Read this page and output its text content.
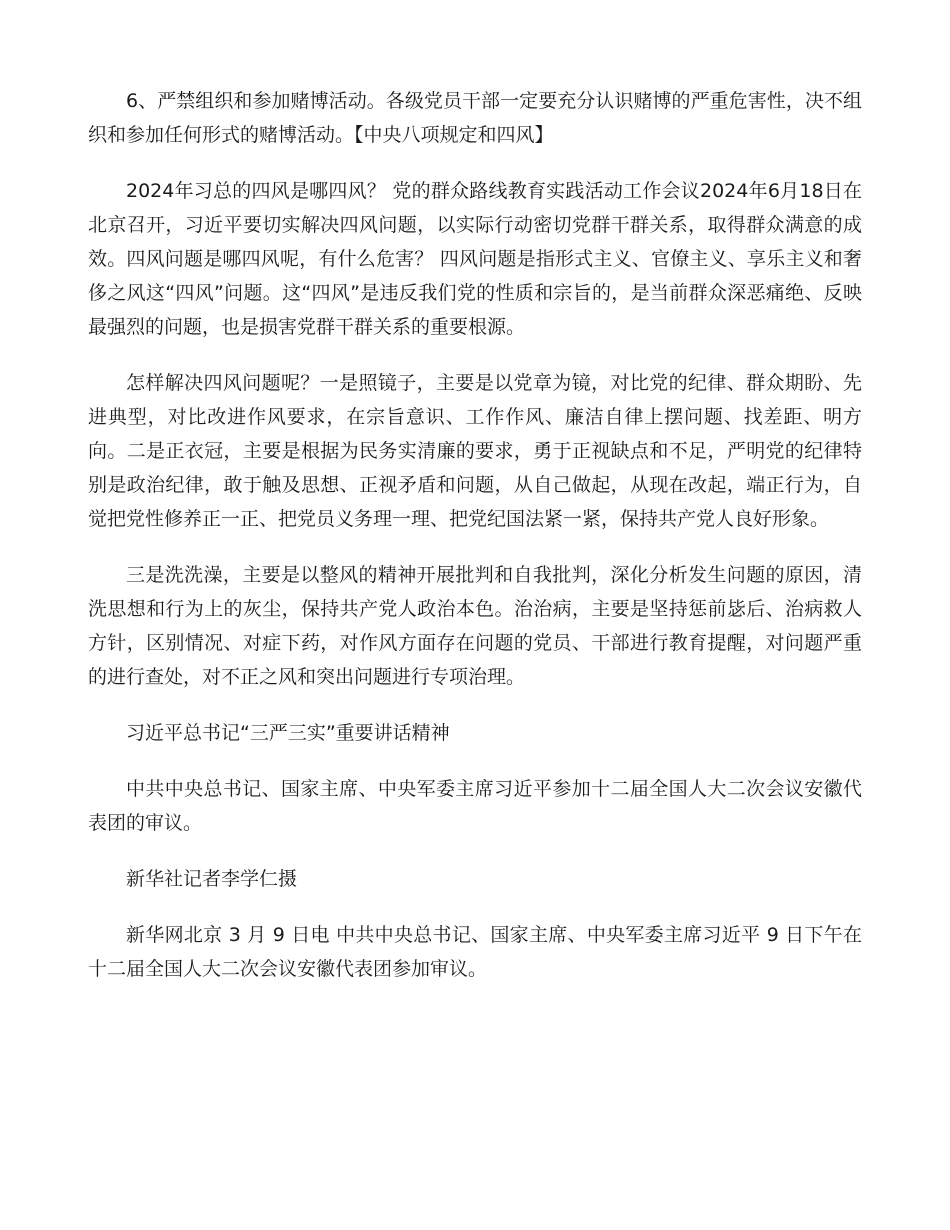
6、严禁组织和参加赌博活动。各级党员干部一定要充分认识赌博的严重危害性，决不组织和参加任何形式的赌博活动。【中央八项规定和四风】

2024年习总的四风是哪四风？ 党的群众路线教育实践活动工作会议2024年6月18日在北京召开，习近平要切实解决四风问题，以实际行动密切党群干群关系，取得群众满意的成效。四风问题是哪四风呢，有什么危害？ 四风问题是指形式主义、官僚主义、享乐主义和奢侈之风这“四风”问题。这“四风”是违反我们党的性质和宗旨的，是当前群众深恶痛绝、反映最强烈的问题，也是损害党群干群关系的重要根源。

怎样解决四风问题呢？一是照镜子，主要是以党章为镜，对比党的纪律、群众期盼、先进典型，对比改进作风要求，在宗旨意识、工作作风、廉洁自律上摆问题、找差距、明方向。二是正衣冠，主要是根据为民务实清廉的要求，勇于正视缺点和不足，严明党的纪律特别是政治纪律，敢于触及思想、正视矛盾和问题，从自己做起，从现在改起，端正行为，自觉把党性修养正一正、把党员义务理一理、把党纪国法紧一紧，保持共产党人良好形象。

三是洗洗澡，主要是以整风的精神开展批判和自我批判，深化分析发生问题的原因，清洗思想和行为上的灰尘，保持共产党人政治本色。治治病，主要是坚持惩前毖后、治病救人方针，区别情况、对症下药，对作风方面存在问题的党员、干部进行教育提醒，对问题严重的进行查处，对不正之风和突出问题进行专项治理。

习近平总书记“三严三实”重要讲话精神

中共中央总书记、国家主席、中央军委主席习近平参加十二届全国人大二次会议安徽代表团的审议。

新华社记者李学仁摄

新华网北京 3 月 9 日电 中共中央总书记、国家主席、中央军委主席习近平 9 日下午在十二届全国人大二次会议安徽代表团参加审议。
